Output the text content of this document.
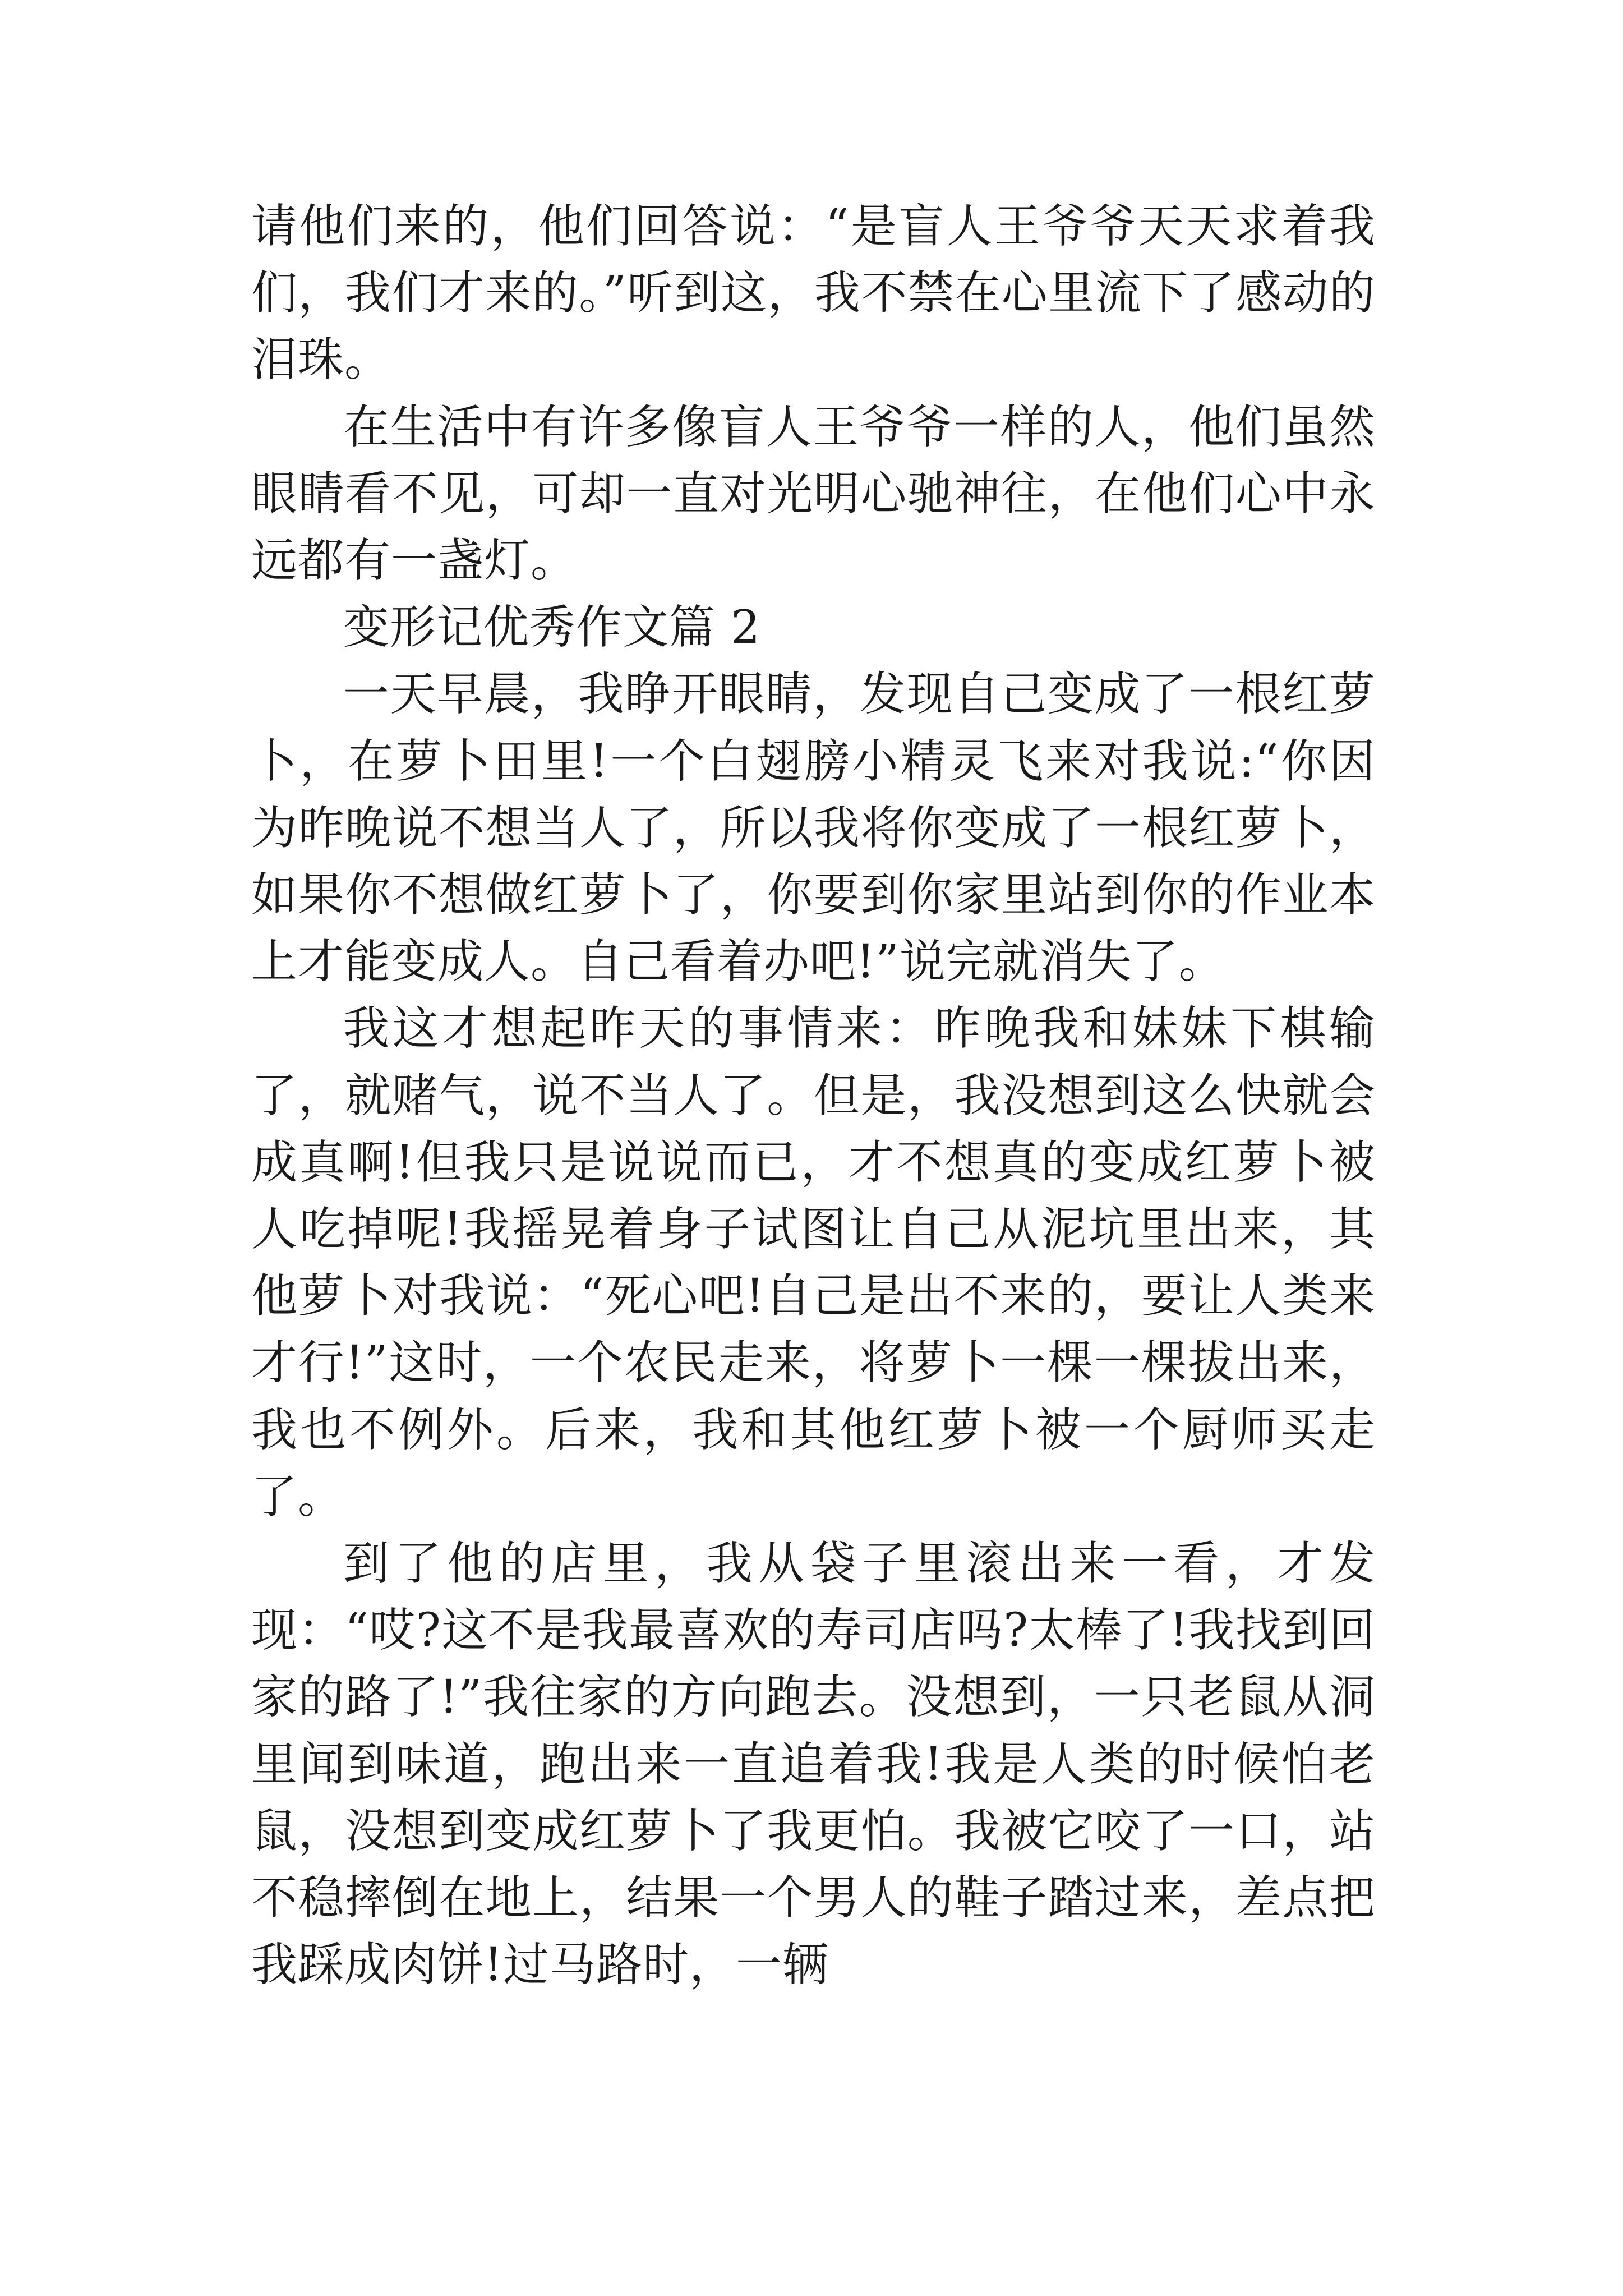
请他们来的，他们回答说：“是盲人王爷爷天天求着我们，我们才来的。”听到这，我不禁在心里流下了感动的泪珠。

在生活中有许多像盲人王爷爷一样的人，他们虽然眼睛看不见，可却一直对光明心驰神往，在他们心中永远都有一盏灯。

变形记优秀作文篇 2

一天早晨，我睁开眼睛，发现自己变成了一根红萝卜，在萝卜田里!一个白翅膀小精灵飞来对我说:“你因为昨晚说不想当人了，所以我将你变成了一根红萝卜，如果你不想做红萝卜了，你要到你家里站到你的作业本上才能变成人。自己看着办吧!”说完就消失了。

我这才想起昨天的事情来：昨晚我和妹妹下棋输了，就赌气，说不当人了。但是，我没想到这么快就会成真啊!但我只是说说而已，才不想真的变成红萝卜被人吃掉呢!我摇晃着身子试图让自己从泥坑里出来，其他萝卜对我说：“死心吧!自己是出不来的，要让人类来才行!”这时，一个农民走来，将萝卜一棵一棵拔出来，我也不例外。后来，我和其他红萝卜被一个厨师买走了。

到了他的店里，我从袋子里滚出来一看，才发现：“哎?这不是我最喜欢的寿司店吗?太棒了!我找到回家的路了!”我往家的方向跑去。没想到，一只老鼠从洞里闻到味道，跑出来一直追着我!我是人类的时候怕老鼠，没想到变成红萝卜了我更怕。我被它咬了一口，站不稳摔倒在地上，结果一个男人的鞋子踏过来，差点把我踩成肉饼!过马路时，一辆
